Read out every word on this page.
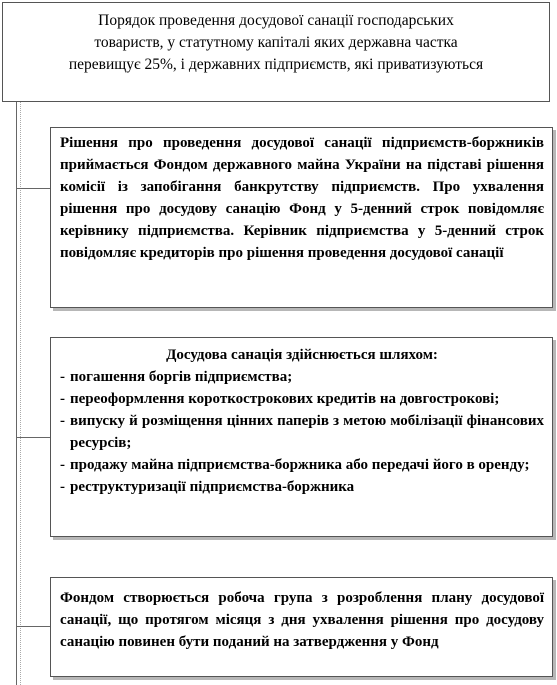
Порядок проведення досудової санації господарських
товариств, у статутному капіталі яких державна частка
перевищує 25%, і державних підприємств, які приватизуються
Рішення про проведення досудової санації підприємств-боржників приймається Фондом державного майна України на підставі рішення комісії із запобігання банкрутству підприємств. Про ухвалення рішення про досудову санацію Фонд у 5-денний строк повідомляє керівнику підприємства. Керівник підприємства у 5-денний строк повідомляє кредиторів про рішення проведення досудової санації
Досудова санація здійснюється шляхом:
- погашення боргів підприємства;
- переоформлення короткострокових кредитів на довгострокові;
- випуску й розміщення цінних паперів з метою мобілізації фінансових ресурсів;
- продажу майна підприємства-боржника або передачі його в оренду;
- реструктуризації підприємства-боржника
Фондом створюється робоча група з розроблення плану досудової санації, що протягом місяця з дня ухвалення рішення про досудову санацію повинен бути поданий на затвердження у Фонд
